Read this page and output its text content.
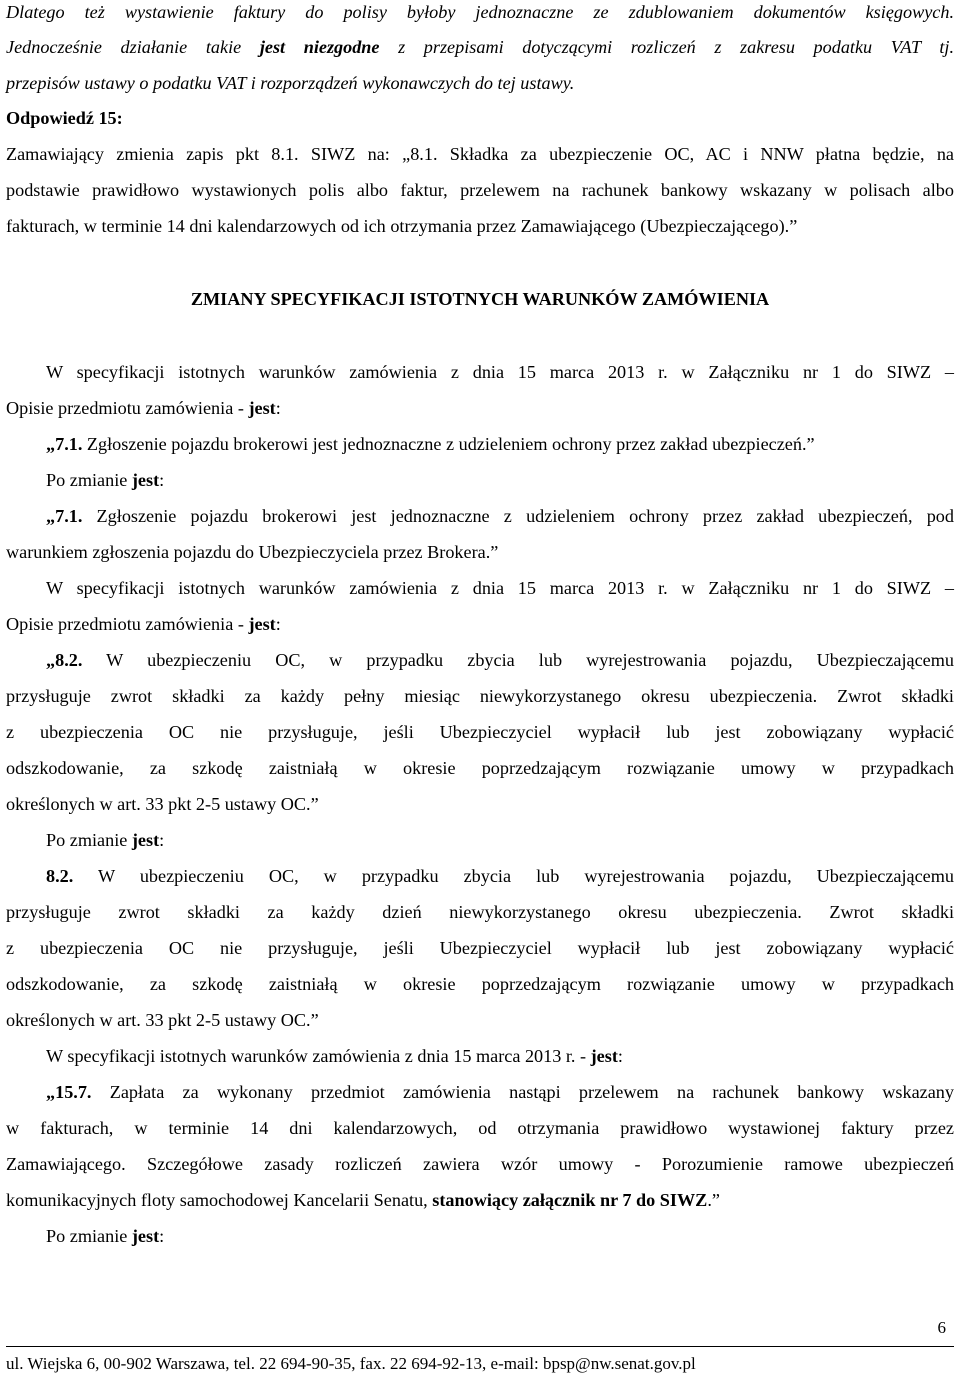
Dlatego też wystawienie faktury do polisy byłoby jednoznaczne ze zdublowaniem dokumentów księgowych.
Jednocześnie działanie takie jest niezgodne z przepisami dotyczącymi rozliczeń z zakresu podatku VAT tj.
przepisów ustawy o podatku VAT i rozporządzeń wykonawczych do tej ustawy.
Odpowiedź 15:
Zamawiający zmienia zapis pkt 8.1. SIWZ na: „8.1. Składka za ubezpieczenie OC, AC i NNW płatna będzie, na
podstawie prawidłowo wystawionych polis albo faktur, przelewem na rachunek bankowy wskazany w polisach albo
fakturach, w terminie 14 dni kalendarzowych od ich otrzymania przez Zamawiającego (Ubezpieczającego).”
ZMIANY SPECYFIKACJI ISTOTNYCH WARUNKÓW ZAMÓWIENIA
W specyfikacji istotnych warunków zamówienia z dnia 15 marca 2013 r. w Załączniku nr 1 do SIWZ –
Opisie przedmiotu zamówienia - jest:
„7.1. Zgłoszenie pojazdu brokerowi jest jednoznaczne z udzieleniem ochrony przez zakład ubezpieczeń.”
Po zmianie jest:
„7.1. Zgłoszenie pojazdu brokerowi jest jednoznaczne z udzieleniem ochrony przez zakład ubezpieczeń, pod
warunkiem zgłoszenia pojazdu do Ubezpieczyciela przez Brokera.”
W specyfikacji istotnych warunków zamówienia z dnia 15 marca 2013 r. w Załączniku nr 1 do SIWZ –
Opisie przedmiotu zamówienia - jest:
„8.2. W ubezpieczeniu OC, w przypadku zbycia lub wyrejestrowania pojazdu, Ubezpieczającemu
przysługuje zwrot składki za każdy pełny miesiąc niewykorzystanego okresu ubezpieczenia. Zwrot składki
z ubezpieczenia OC nie przysługuje, jeśli Ubezpieczyciel wypłacił lub jest zobowiązany wypłacić
odszkodowanie, za szkodę zaistniałą w okresie poprzedzającym rozwiązanie umowy w przypadkach
określonych w art. 33 pkt 2-5 ustawy OC.”
Po zmianie jest:
8.2. W ubezpieczeniu OC, w przypadku zbycia lub wyrejestrowania pojazdu, Ubezpieczającemu
przysługuje zwrot składki za każdy dzień niewykorzystanego okresu ubezpieczenia. Zwrot składki
z ubezpieczenia OC nie przysługuje, jeśli Ubezpieczyciel wypłacił lub jest zobowiązany wypłacić
odszkodowanie, za szkodę zaistniałą w okresie poprzedzającym rozwiązanie umowy w przypadkach
określonych w art. 33 pkt 2-5 ustawy OC.”
W specyfikacji istotnych warunków zamówienia z dnia 15 marca 2013 r. - jest:
„15.7. Zapłata za wykonany przedmiot zamówienia nastąpi przelewem na rachunek bankowy wskazany
w fakturach, w terminie 14 dni kalendarzowych, od otrzymania prawidłowo wystawionej faktury przez
Zamawiającego. Szczegółowe zasady rozliczeń zawiera wzór umowy - Porozumienie ramowe ubezpieczeń
komunikacyjnych floty samochodowej Kancelarii Senatu, stanowiący załącznik nr 7 do SIWZ.”
Po zmianie jest:
6
ul. Wiejska 6, 00-902 Warszawa, tel. 22 694-90-35, fax. 22 694-92-13, e-mail: bpsp@nw.senat.gov.pl
